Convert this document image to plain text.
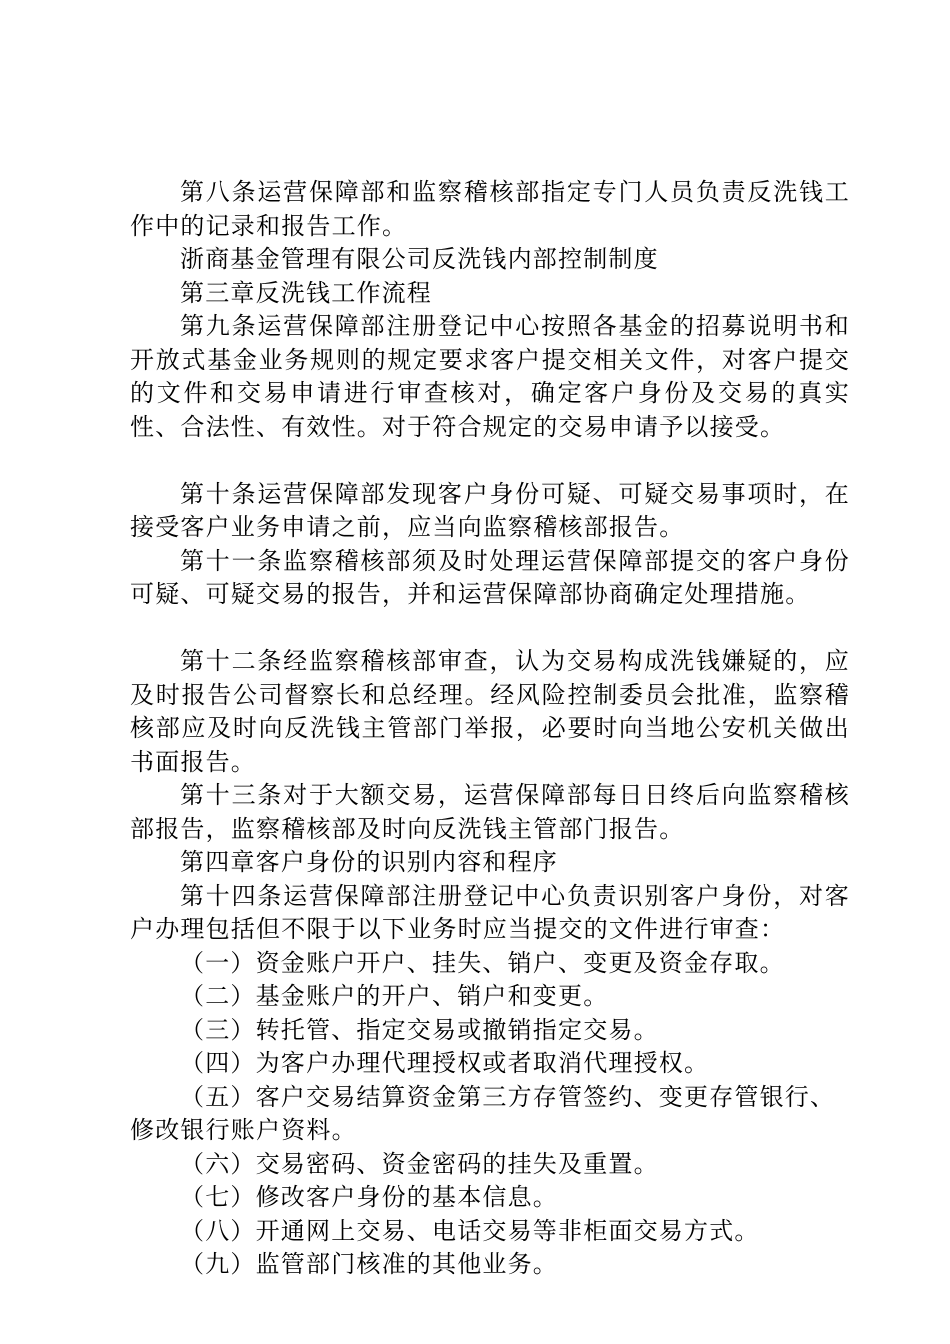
第八条运营保障部和监察稽核部指定专门人员负责反洗钱工作中的记录和报告工作。

浙商基金管理有限公司反洗钱内部控制制度

第三章反洗钱工作流程

第九条运营保障部注册登记中心按照各基金的招募说明书和开放式基金业务规则的规定要求客户提交相关文件，对客户提交的文件和交易申请进行审查核对，确定客户身份及交易的真实性、合法性、有效性。对于符合规定的交易申请予以接受。

第十条运营保障部发现客户身份可疑、可疑交易事项时，在接受客户业务申请之前，应当向监察稽核部报告。

第十一条监察稽核部须及时处理运营保障部提交的客户身份可疑、可疑交易的报告，并和运营保障部协商确定处理措施。

第十二条经监察稽核部审查，认为交易构成洗钱嫌疑的，应及时报告公司督察长和总经理。经风险控制委员会批准，监察稽核部应及时向反洗钱主管部门举报，必要时向当地公安机关做出书面报告。

第十三条对于大额交易，运营保障部每日日终后向监察稽核部报告，监察稽核部及时向反洗钱主管部门报告。

第四章客户身份的识别内容和程序

第十四条运营保障部注册登记中心负责识别客户身份，对客户办理包括但不限于以下业务时应当提交的文件进行审查：

（一）资金账户开户、挂失、销户、变更及资金存取。

（二）基金账户的开户、销户和变更。

（三）转托管、指定交易或撤销指定交易。

（四）为客户办理代理授权或者取消代理授权。

（五）客户交易结算资金第三方存管签约、变更存管银行、修改银行账户资料。

（六）交易密码、资金密码的挂失及重置。

（七）修改客户身份的基本信息。

（八）开通网上交易、电话交易等非柜面交易方式。

（九）监管部门核准的其他业务。
